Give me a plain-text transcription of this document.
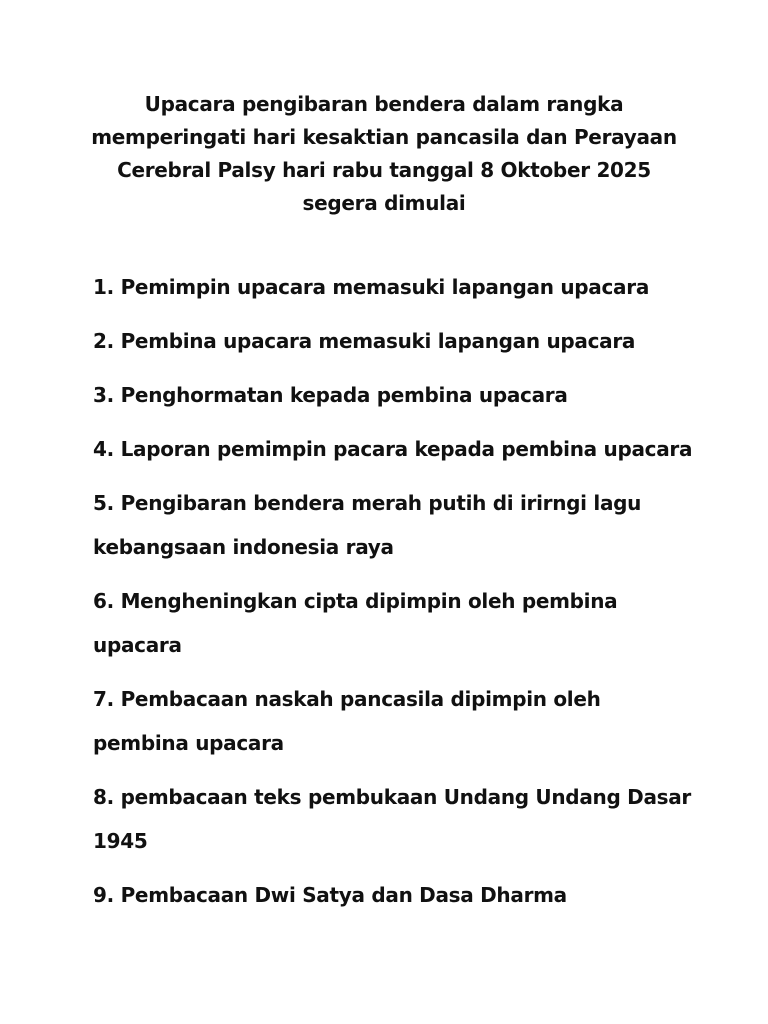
Upacara pengibaran bendera dalam rangka
memperingati hari kesaktian pancasila dan Perayaan
Cerebral Palsy hari rabu tanggal 8 Oktober 2025
segera dimulai
1. Pemimpin upacara memasuki lapangan upacara
2. Pembina upacara memasuki lapangan upacara
3. Penghormatan kepada pembina upacara
4. Laporan pemimpin pacara kepada pembina upacara
5. Pengibaran bendera merah putih di irirngi lagu
kebangsaan indonesia raya
6. Mengheningkan cipta dipimpin oleh pembina
upacara
7. Pembacaan naskah pancasila dipimpin oleh
pembina upacara
8. pembacaan teks pembukaan Undang Undang Dasar
1945
9. Pembacaan Dwi Satya dan Dasa Dharma
